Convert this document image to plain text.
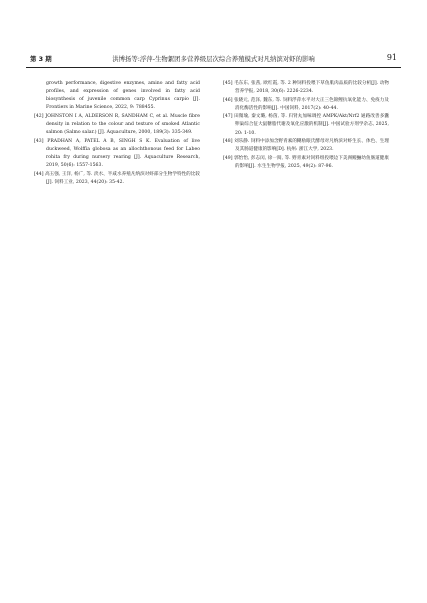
第 3 期	洪博扬等:浮萍-生物絮团多营养级层次综合养殖模式对凡纳滨对虾的影响	91

growth performance, digestive enzymes, amino and fatty acid profiles, and expression of genes involved in fatty acid biosynthesis of juvenile common carp Cyprinus carpio [J]. Frontiers in Marine Science, 2022, 9: 788455.

[42] JOHNSTON I A, ALDERSON R, SANDHAM C, et al. Muscle fibre density in relation to the colour and texture of smoked Atlantic salmon (Salmo salar.) [J]. Aquaculture, 2000, 189(3): 335-349.

[43] PRADHAN A, PATEL A B, SINGH S K. Evaluation of live duckweed, Wolffia globosa as an allochthonous feed for Labeo rohita fry during nursery rearing [J]. Aquaculture Research, 2019, 50(6): 1557-1563.

[44] 高玉强, 王洋, 杨广, 等. 淡水、半咸水养殖凡纳滨对虾部分生物学特性的比较[J]. 饲料工业, 2023, 44(20): 35-42.

[45] 毛东东, 张茜, 欧红霞, 等. 2 种饲料投喂下草鱼肌肉品质的比较分析[J]. 动物营养学报, 2018, 30(6): 2226-2234.

[46] 张晓元, 范泽, 魏东, 等. 饲料浮萍水平对大正三色锦鲤抗氧化能力、免疫力及消化酶活性的影响[J]. 中国饲料, 2017(2): 40-44.

[47] 田微瑜, 秦文璐, 杨茵, 等. 归肾丸加味调控 AMPK/Akt/Nrf2 通路改善多囊卵巢综合征大鼠糖脂代谢及氧化应激的机制[J]. 中国试验方剂学杂志, 2025, 20: 1-10.

[48] 刘乐静. 饲料中添加含野青素的糊励眼氏酵母对凡纳滨对虾生长、体色、生理及其肠道健康的影响[D]. 杭州: 浙江大学, 2023.

[49] 郭怡怡, 彭志闵, 徐一阅, 等. 野青素对饲料组投喂边下美洲鳗鲡幼鱼肠道健康的影响[J]. 水生生物学报, 2025, 49(2): 87-96.
